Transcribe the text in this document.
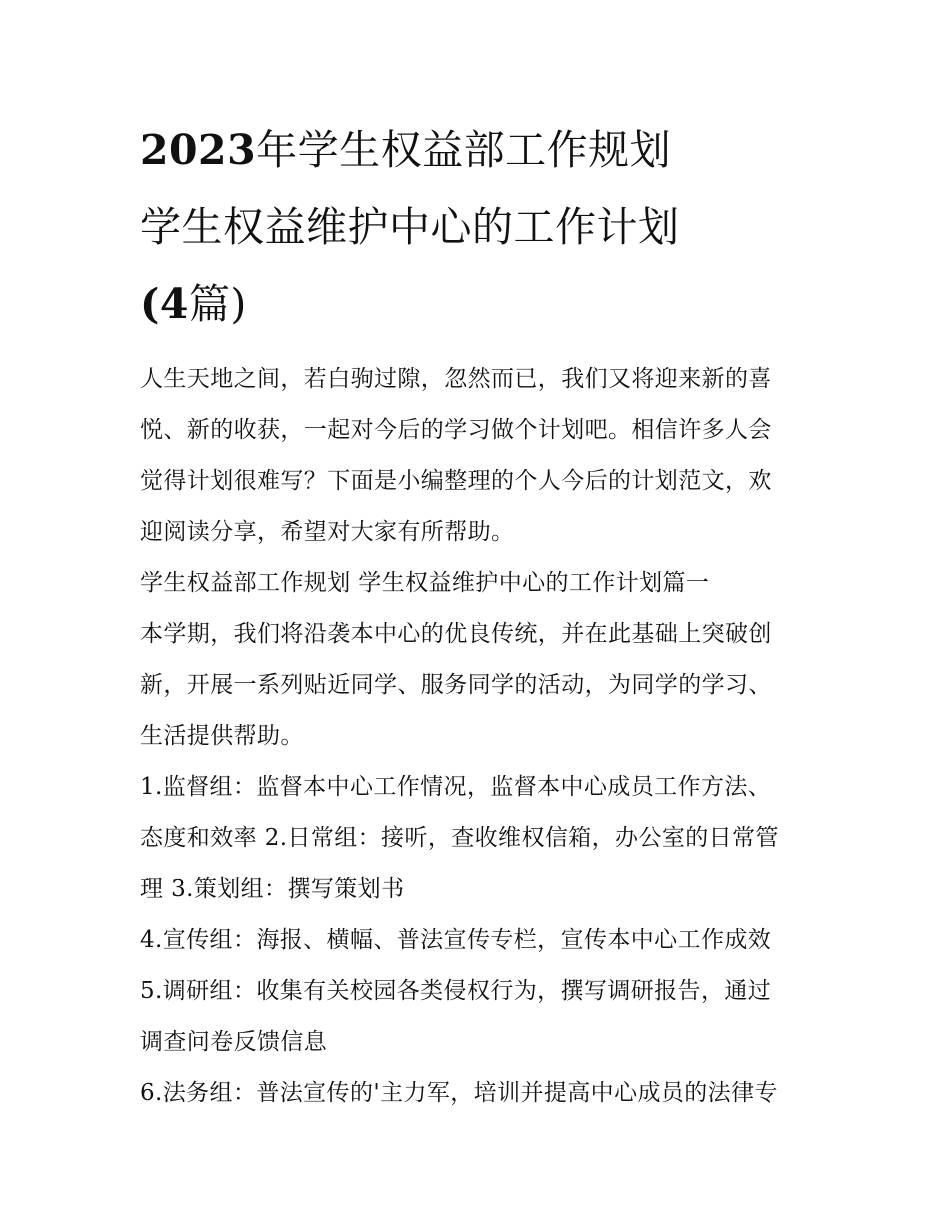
2023年学生权益部工作规划
学生权益维护中心的工作计划
(4篇)

人生天地之间，若白驹过隙，忽然而已，我们又将迎来新的喜
悦、新的收获，一起对今后的学习做个计划吧。相信许多人会
觉得计划很难写？下面是小编整理的个人今后的计划范文，欢
迎阅读分享，希望对大家有所帮助。

学生权益部工作规划 学生权益维护中心的工作计划篇一

本学期，我们将沿袭本中心的优良传统，并在此基础上突破创
新，开展一系列贴近同学、服务同学的活动，为同学的学习、
生活提供帮助。
1.监督组：监督本中心工作情况，监督本中心成员工作方法、
态度和效率 2.日常组：接听，查收维权信箱，办公室的日常管
理 3.策划组：撰写策划书
4.宣传组：海报、横幅、普法宣传专栏，宣传本中心工作成效
5.调研组：收集有关校园各类侵权行为，撰写调研报告，通过
调查问卷反馈信息
6.法务组：普法宣传的'主力军，培训并提高中心成员的法律专
